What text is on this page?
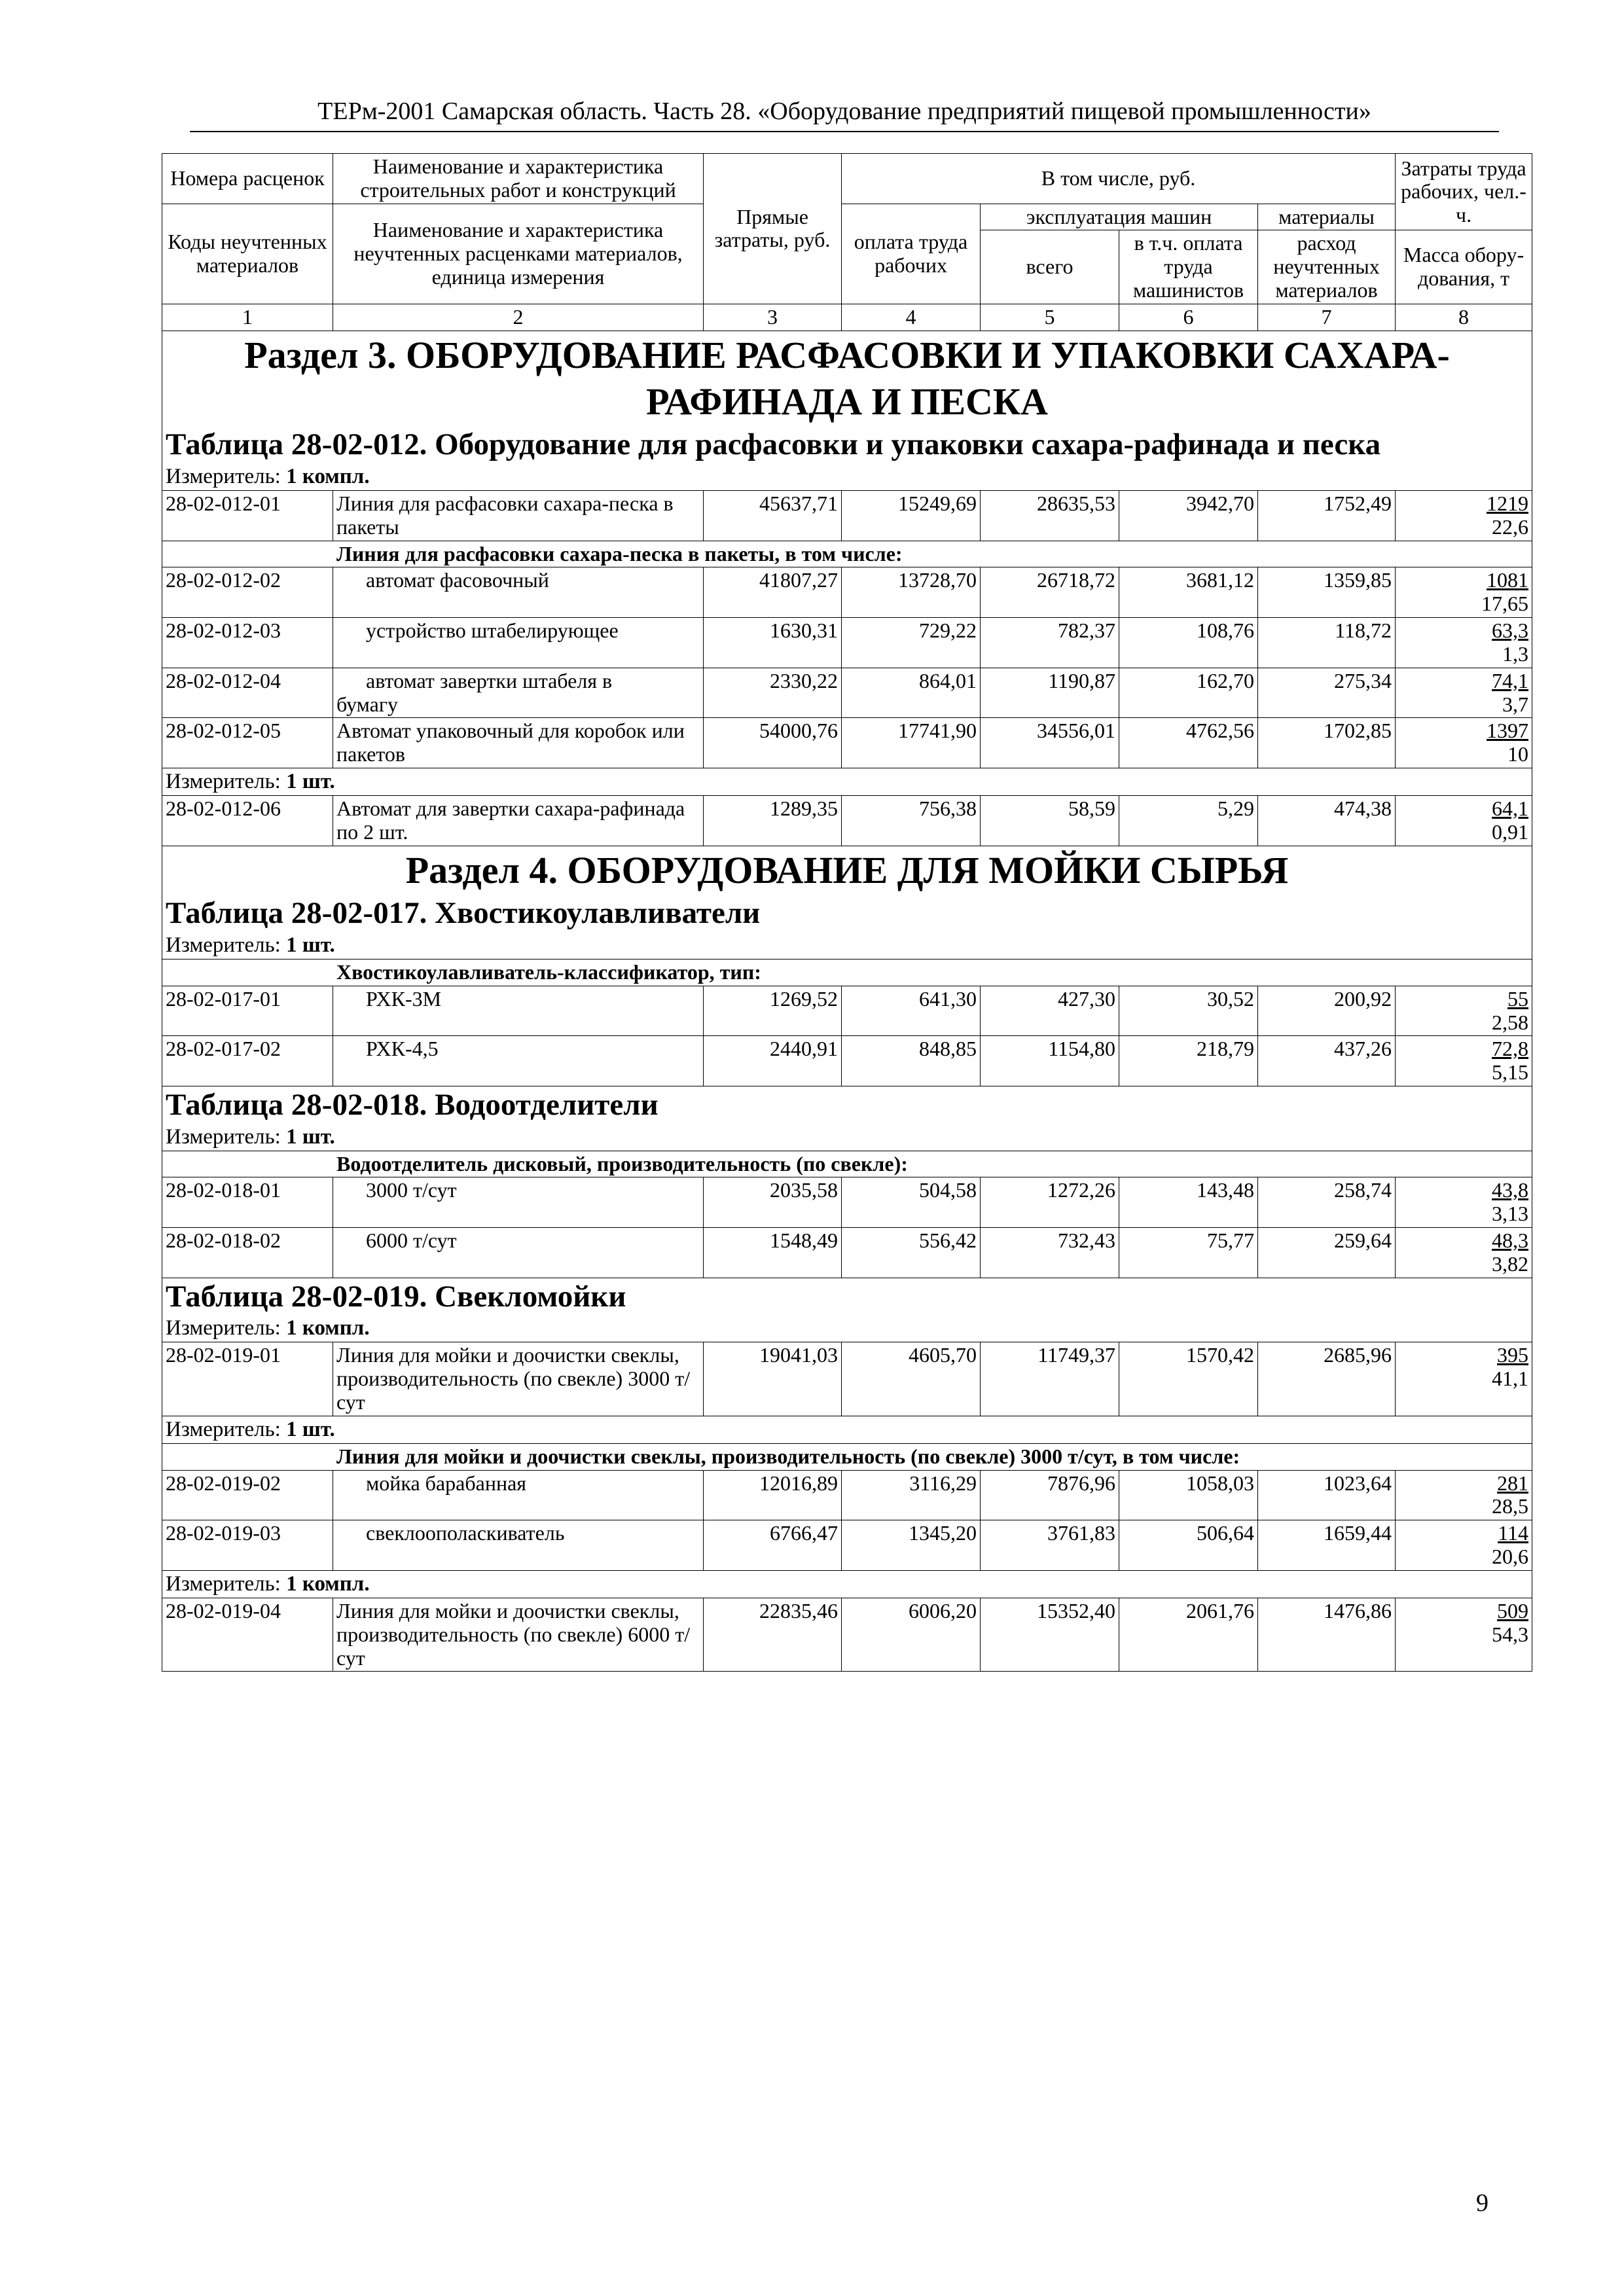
ТЕРм-2001 Самарская область. Часть 28. «Оборудование предприятий пищевой промышленности»
Номера расценок	Наименование и характеристика строительных работ и конструкций	Прямые затраты, руб.	В том числе, руб.				Затраты труда рабочих, чел.-ч.
Коды неучтенных материалов	Наименование и характеристика неучтенных расценками материалов, единица измерения		оплата труда рабочих	эксплуатация машин		материалы	
				всего	в т.ч. оплата труда машинистов	расход неучтенных материалов	
							Масса обору-дования, т
1	2	3	4	5	6	7	8
Раздел 3. ОБОРУДОВАНИЕ РАСФАСОВКИ И УПАКОВКИ САХАРА-РАФИНАДА И ПЕСКА							
Таблица 28-02-012. Оборудование для расфасовки и упаковки сахара-рафинада и песка							
Измеритель: 1 компл.							
28-02-012-01	Линия для расфасовки сахара-песка в пакеты	45637,71	15249,69	28635,53	3942,70	1752,49	1219
22,6

Линия для расфасовки сахара-песка в пакеты, в том числе:							
28-02-012-02	автомат фасовочный	41807,27	13728,70	26718,72	3681,12	1359,85	1081
17,65

28-02-012-03	устройство штабелирующее	1630,31	729,22	782,37	108,76	118,72	63,3
1,3

28-02-012-04	автомат завертки штабеля в
бумагу	2330,22	864,01	1190,87	162,70	275,34	74,1
3,7

28-02-012-05	Автомат упаковочный для коробок или пакетов	54000,76	17741,90	34556,01	4762,56	1702,85	1397
10

Измеритель: 1 шт.							
28-02-012-06	Автомат для завертки сахара-рафинада по 2 шт.	1289,35	756,38	58,59	5,29	474,38	64,1
0,91

Раздел 4. ОБОРУДОВАНИЕ ДЛЯ МОЙКИ СЫРЬЯ							
Таблица 28-02-017. Хвостикоулавливатели							
Измеритель: 1 шт.							
Хвостикоулавливатель-классификатор, тип:							
28-02-017-01	РХК-3М	1269,52	641,30	427,30	30,52	200,92	55
2,58

28-02-017-02	РХК-4,5	2440,91	848,85	1154,80	218,79	437,26	72,8
5,15

Таблица 28-02-018. Водоотделители							
Измеритель: 1 шт.							
Водоотделитель дисковый, производительность (по свекле):							
28-02-018-01	3000 т/сут	2035,58	504,58	1272,26	143,48	258,74	43,8
3,13

28-02-018-02	6000 т/сут	1548,49	556,42	732,43	75,77	259,64	48,3
3,82

Таблица 28-02-019. Свекломойки							
Измеритель: 1 компл.							
28-02-019-01	Линия для мойки и доочистки свеклы, производительность (по свекле) 3000 т/сут	19041,03	4605,70	11749,37	1570,42	2685,96	395
41,1

Измеритель: 1 шт.							
Линия для мойки и доочистки свеклы, производительность (по свекле) 3000 т/сут, в том числе:							
28-02-019-02	мойка барабанная	12016,89	3116,29	7876,96	1058,03	1023,64	281
28,5

28-02-019-03	свеклоополаскиватель	6766,47	1345,20	3761,83	506,64	1659,44	114
20,6

Измеритель: 1 компл.							
28-02-019-04	Линия для мойки и доочистки свеклы, производительность (по свекле) 6000 т/сут	22835,46	6006,20	15352,40	2061,76	1476,86	509
54,3
9
